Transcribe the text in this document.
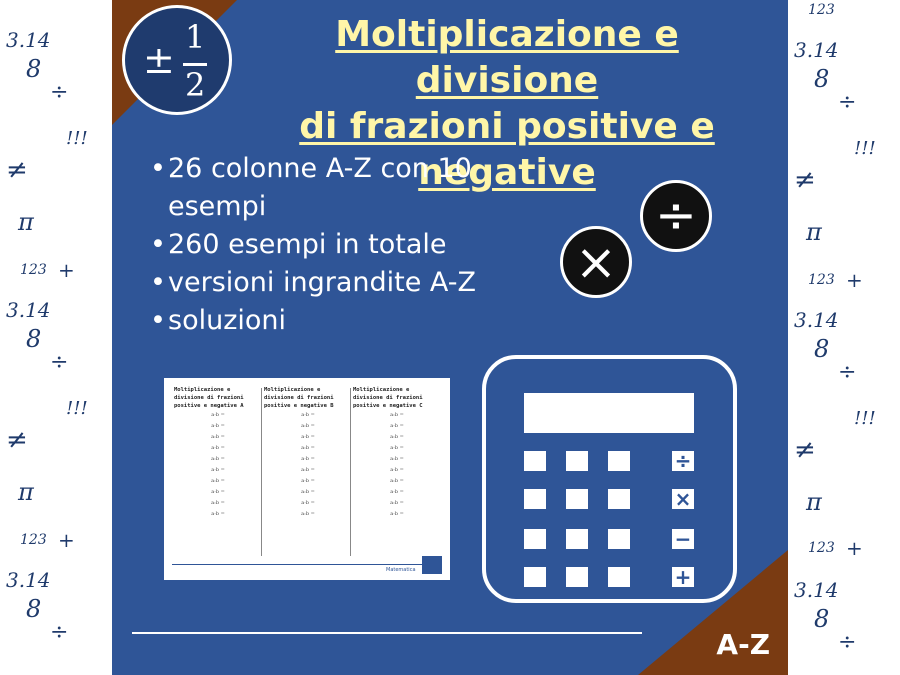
3.14
8
÷
!!!
≠
π
123 +
3.14
8
÷
!!!
≠
π
123 +
3.14
8
÷
123
3.14
8
÷
!!!
≠
π
123 +
3.14
8
÷
!!!
≠
π
123 +
3.14
8
÷
±
1
2
Moltiplicazione e divisione
di frazioni positive e
negative
• 26 colonne A-Z con 10 esempi
• 260 esempi in totale
• versioni ingrandite A-Z
• soluzioni
÷
×
Moltiplicazione e divisione di frazioni positive e negative A
a·b =
a·b =
a:b =
a·b =
a:b =
a·b =
a:b =
a·b =
a:b =
a·b =
Moltiplicazione e divisione di frazioni positive e negative B
a·b =
a:b =
a·b =
a:b =
a·b =
a:b =
a·b =
a:b =
a·b =
a:b =
Moltiplicazione e divisione di frazioni positive e negative C
a:b =
a·b =
a:b =
a·b =
a:b =
a·b =
a:b =
a·b =
a:b =
a·b =
Matematica
÷
×
−
+
A-Z
